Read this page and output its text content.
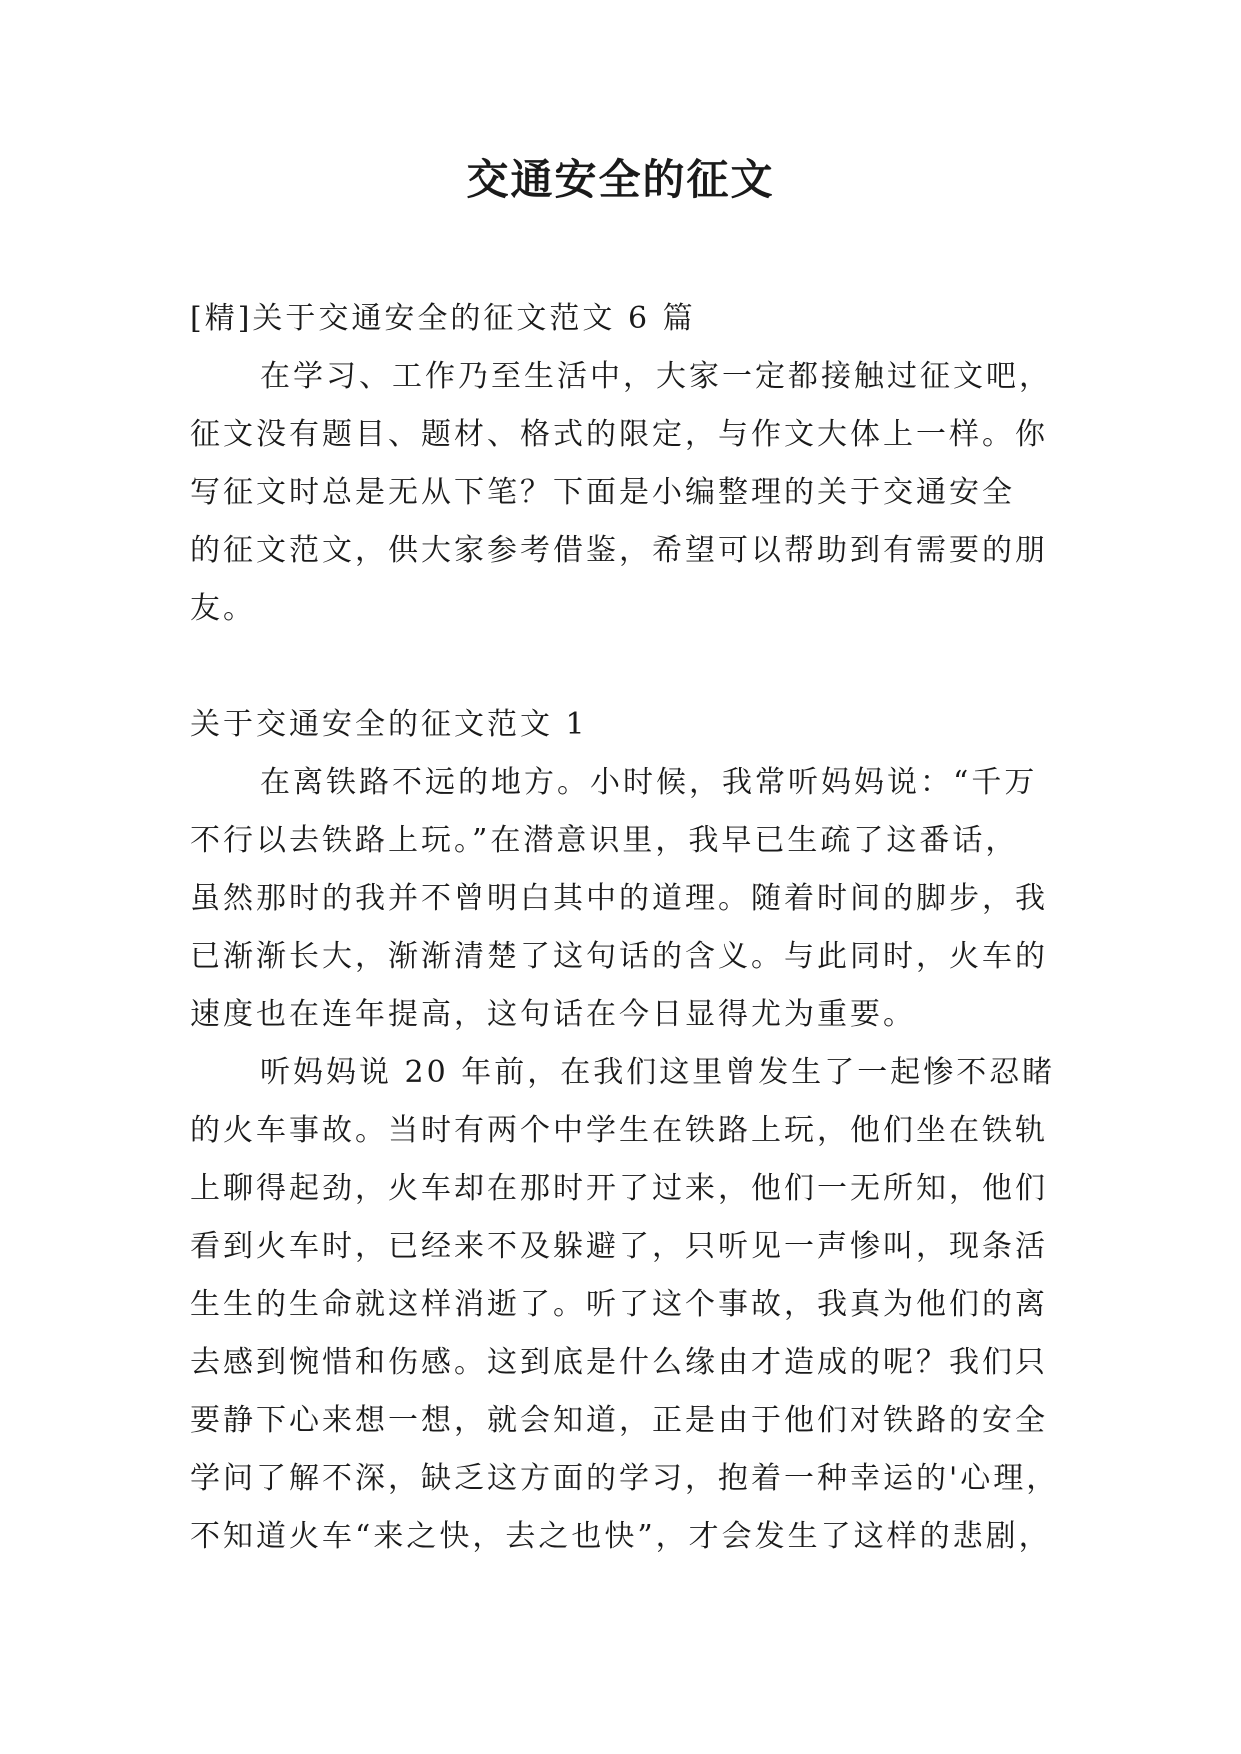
交通安全的征文

[精]关于交通安全的征文范文 6 篇

在学习、工作乃至生活中，大家一定都接触过征文吧，

征文没有题目、题材、格式的限定，与作文大体上一样。你

写征文时总是无从下笔？下面是小编整理的关于交通安全

的征文范文，供大家参考借鉴，希望可以帮助到有需要的朋

友。

关于交通安全的征文范文 1

在离铁路不远的地方。小时候，我常听妈妈说：“千万

不行以去铁路上玩。”在潜意识里，我早已生疏了这番话，

虽然那时的我并不曾明白其中的道理。随着时间的脚步，我

已渐渐长大，渐渐清楚了这句话的含义。与此同时，火车的

速度也在连年提高，这句话在今日显得尤为重要。

听妈妈说 20 年前，在我们这里曾发生了一起惨不忍睹

的火车事故。当时有两个中学生在铁路上玩，他们坐在铁轨

上聊得起劲，火车却在那时开了过来，他们一无所知，他们

看到火车时，已经来不及躲避了，只听见一声惨叫，现条活

生生的生命就这样消逝了。听了这个事故，我真为他们的离

去感到惋惜和伤感。这到底是什么缘由才造成的呢？我们只

要静下心来想一想，就会知道，正是由于他们对铁路的安全

学问了解不深，缺乏这方面的学习，抱着一种幸运的'心理，

不知道火车“来之快，去之也快”，才会发生了这样的悲剧，
